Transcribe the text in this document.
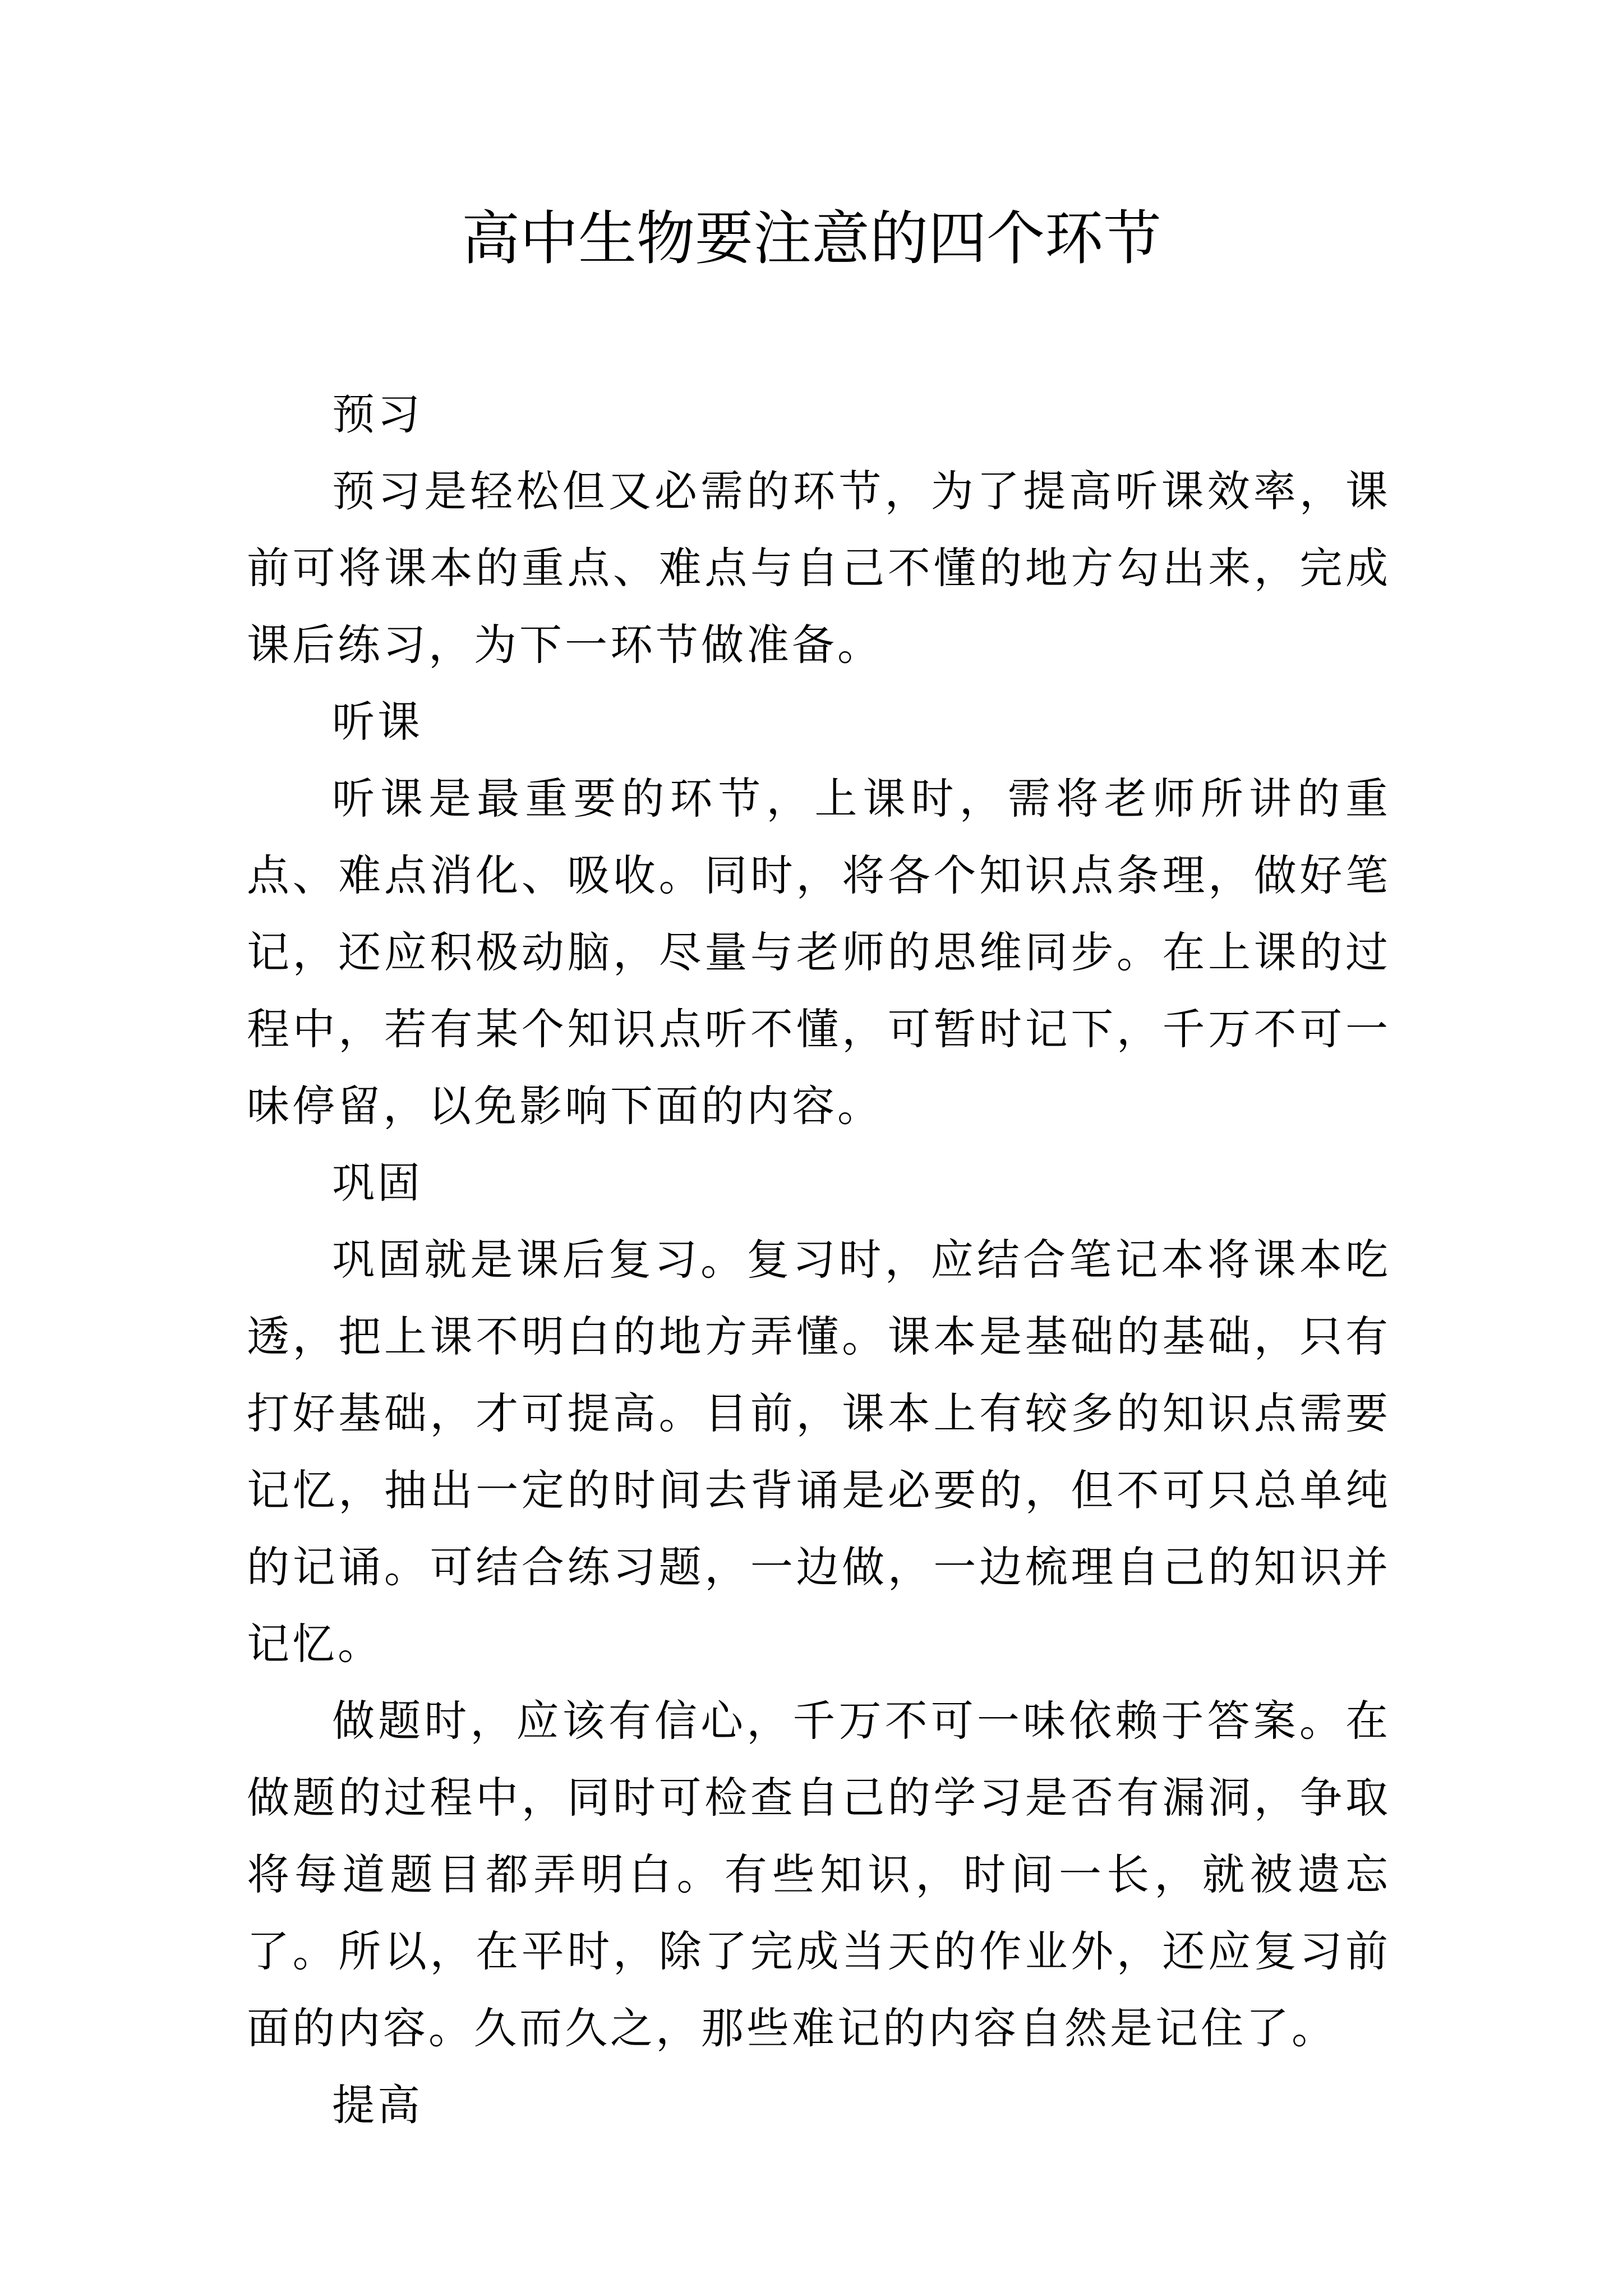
高中生物要注意的四个环节

预习

预习是轻松但又必需的环节，为了提高听课效率，课前可将课本的重点、难点与自己不懂的地方勾出来，完成课后练习，为下一环节做准备。

听课

听课是最重要的环节，上课时，需将老师所讲的重点、难点消化、吸收。同时，将各个知识点条理，做好笔记，还应积极动脑，尽量与老师的思维同步。在上课的过程中，若有某个知识点听不懂，可暂时记下，千万不可一味停留，以免影响下面的内容。

巩固

巩固就是课后复习。复习时，应结合笔记本将课本吃透，把上课不明白的地方弄懂。课本是基础的基础，只有打好基础，才可提高。目前，课本上有较多的知识点需要记忆，抽出一定的时间去背诵是必要的，但不可只总单纯的记诵。可结合练习题，一边做，一边梳理自己的知识并记忆。

做题时，应该有信心，千万不可一味依赖于答案。在做题的过程中，同时可检查自己的学习是否有漏洞，争取将每道题目都弄明白。有些知识，时间一长，就被遗忘了。所以，在平时，除了完成当天的作业外，还应复习前面的内容。久而久之，那些难记的内容自然是记住了。

提高
